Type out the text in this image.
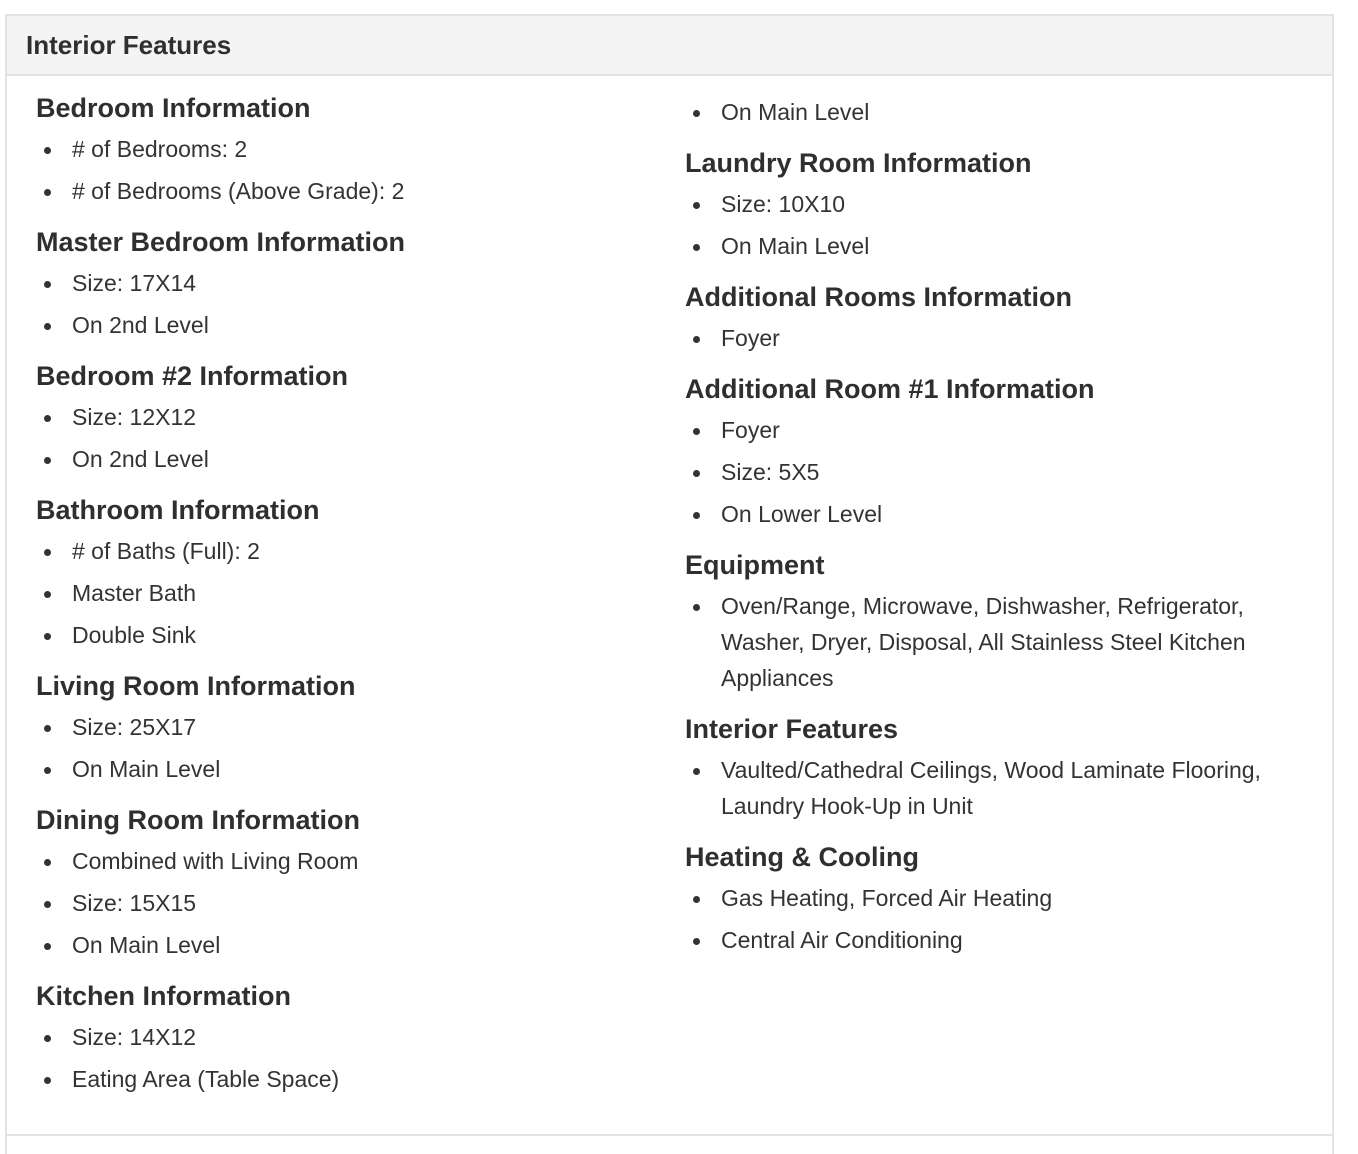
Interior Features
Bedroom Information
# of Bedrooms: 2
# of Bedrooms (Above Grade): 2
Master Bedroom Information
Size: 17X14
On 2nd Level
Bedroom #2 Information
Size: 12X12
On 2nd Level
Bathroom Information
# of Baths (Full): 2
Master Bath
Double Sink
Living Room Information
Size: 25X17
On Main Level
Dining Room Information
Combined with Living Room
Size: 15X15
On Main Level
Kitchen Information
Size: 14X12
Eating Area (Table Space)
On Main Level
Laundry Room Information
Size: 10X10
On Main Level
Additional Rooms Information
Foyer
Additional Room #1 Information
Foyer
Size: 5X5
On Lower Level
Equipment
Oven/Range, Microwave, Dishwasher, Refrigerator, Washer, Dryer, Disposal, All Stainless Steel Kitchen Appliances
Interior Features
Vaulted/Cathedral Ceilings, Wood Laminate Flooring, Laundry Hook-Up in Unit
Heating & Cooling
Gas Heating, Forced Air Heating
Central Air Conditioning
